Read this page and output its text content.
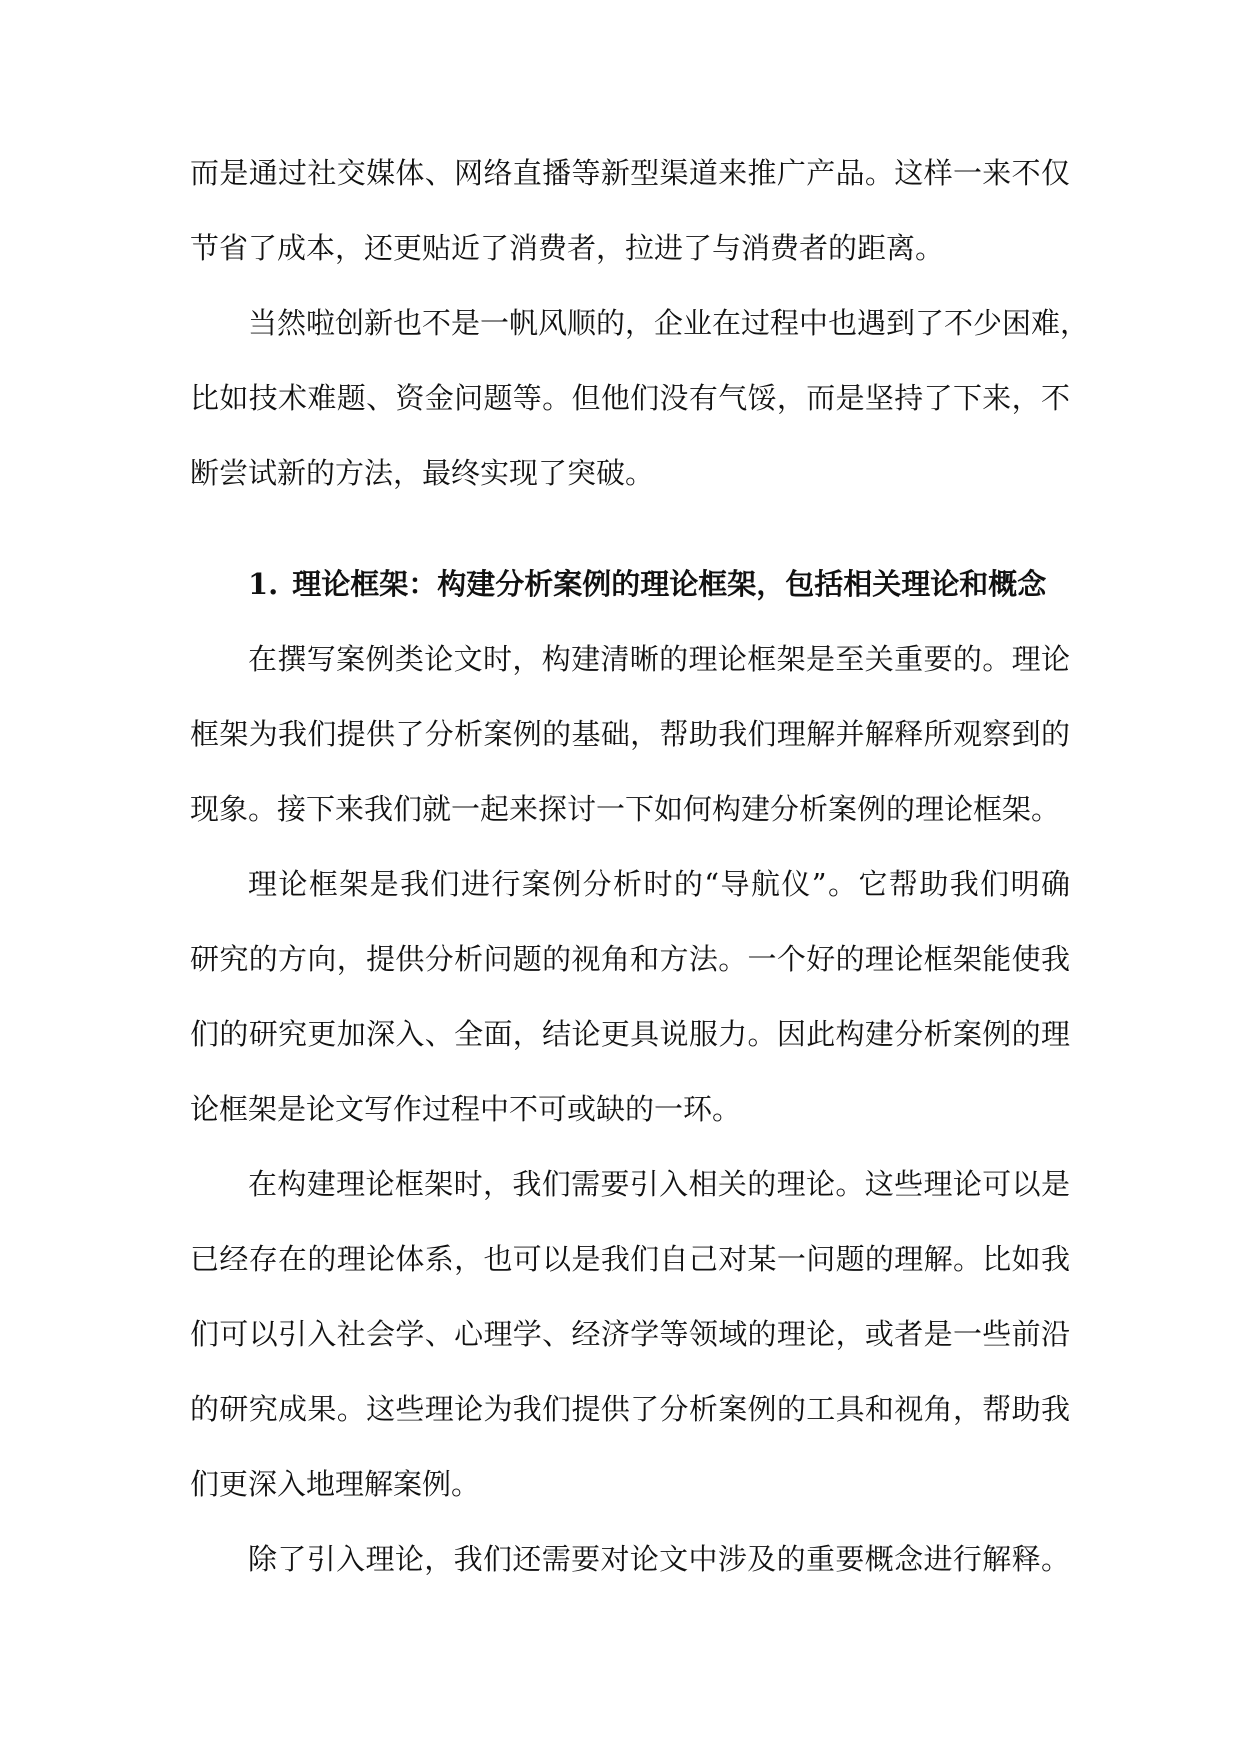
而是通过社交媒体、网络直播等新型渠道来推广产品。这样一来不仅
节省了成本，还更贴近了消费者，拉进了与消费者的距离。
当然啦创新也不是一帆风顺的，企业在过程中也遇到了不少困难，
比如技术难题、资金问题等。但他们没有气馁，而是坚持了下来，不
断尝试新的方法，最终实现了突破。
1. 理论框架：构建分析案例的理论框架，包括相关理论和概念
在撰写案例类论文时，构建清晰的理论框架是至关重要的。理论
框架为我们提供了分析案例的基础，帮助我们理解并解释所观察到的
现象。接下来我们就一起来探讨一下如何构建分析案例的理论框架。
理论框架是我们进行案例分析时的“导航仪”。它帮助我们明确
研究的方向，提供分析问题的视角和方法。一个好的理论框架能使我
们的研究更加深入、全面，结论更具说服力。因此构建分析案例的理
论框架是论文写作过程中不可或缺的一环。
在构建理论框架时，我们需要引入相关的理论。这些理论可以是
已经存在的理论体系，也可以是我们自己对某一问题的理解。比如我
们可以引入社会学、心理学、经济学等领域的理论，或者是一些前沿
的研究成果。这些理论为我们提供了分析案例的工具和视角，帮助我
们更深入地理解案例。
除了引入理论，我们还需要对论文中涉及的重要概念进行解释。
